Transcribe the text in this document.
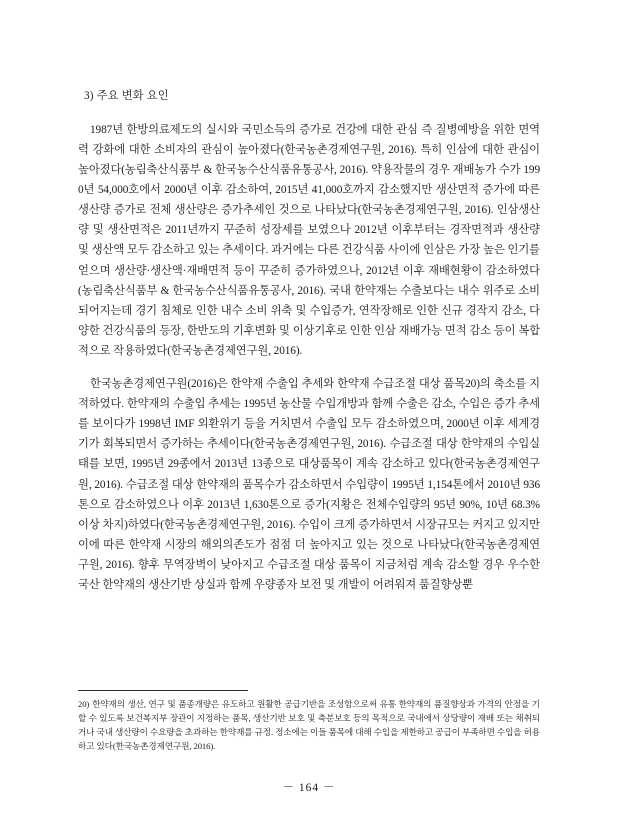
3) 주요 변화 요인

1987년 한방의료제도의 실시와 국민소득의 증가로 건강에 대한 관심 즉 질병예방을 위한 면역력 강화에 대한 소비자의 관심이 높아졌다(한국농촌경제연구원, 2016). 특히 인삼에 대한 관심이 높아졌다(농림축산식품부 & 한국농수산식품유통공사, 2016). 약용작물의 경우 재배농가 수가 1990년 54,000호에서 2000년 이후 감소하여, 2015년 41,000호까지 감소했지만 생산면적 증가에 따른 생산량 증가로 전체 생산량은 증가추세인 것으로 나타났다(한국농촌경제연구원, 2016). 인삼생산량 및 생산면적은 2011년까지 꾸준히 성장세를 보였으나 2012년 이후부터는 경작면적과 생산량 및 생산액 모두 감소하고 있는 추세이다. 과거에는 다른 건강식품 사이에 인삼은 가장 높은 인기를 얻으며 생산량·생산액·재배면적 등이 꾸준히 증가하였으나, 2012년 이후 재배현황이 감소하였다(농림축산식품부 & 한국농수산식품유통공사, 2016). 국내 한약재는 수출보다는 내수 위주로 소비되어지는데 경기 침체로 인한 내수 소비 위축 및 수입증가, 연작장해로 인한 신규 경작지 감소, 다양한 건강식품의 등장, 한반도의 기후변화 및 이상기후로 인한 인삼 재배가능 면적 감소 등이 복합적으로 작용하였다(한국농촌경제연구원, 2016).

한국농촌경제연구원(2016)은 한약재 수출입 추세와 한약재 수급조절 대상 품목20)의 축소를 지적하였다. 한약재의 수출입 추세는 1995년 농산물 수입개방과 함께 수출은 감소, 수입은 증가 추세를 보이다가 1998년 IMF 외환위기 등을 거치면서 수출입 모두 감소하였으며, 2000년 이후 세계경기가 회복되면서 증가하는 추세이다(한국농촌경제연구원, 2016). 수급조절 대상 한약재의 수입실태를 보면, 1995년 29종에서 2013년 13종으로 대상품목이 계속 감소하고 있다(한국농촌경제연구원, 2016). 수급조절 대상 한약재의 품목수가 감소하면서 수입량이 1995년 1,154톤에서 2010년 936톤으로 감소하였으나 이후 2013년 1,630톤으로 증가(지황은 전체수입량의 95년 90%, 10년 68.3% 이상 차지)하였다(한국농촌경제연구원, 2016). 수입이 크게 증가하면서 시장규모는 커지고 있지만 이에 따른 한약재 시장의 해외의존도가 점점 더 높아지고 있는 것으로 나타났다(한국농촌경제연구원, 2016). 향후 무역장벽이 낮아지고 수급조절 대상 품목이 지금처럼 계속 감소할 경우 우수한 국산 한약재의 생산기반 상실과 함께 우량종자 보전 및 개발이 어려워져 품질향상뿐

20) 한약재의 생산, 연구 및 품종개량은 유도하고 원활한 공급기반을 조성함으로써 유통 한약재의 품질향상과 가격의 안정을 기할 수 있도록 보건복지부 장관이 지정하는 품목, 생산기반 보호 및 축분보호 등의 목적으로 국내에서 상당량이 재배 또는 채취되거나 국내 생산량이 수요량을 초과하는 한약재를 규정. 정소에는 이들 품목에 대해 수입을 제한하고 공급이 부족하면 수입을 허용하고 있다(한국농촌경제연구원, 2016).

－ 164 －
